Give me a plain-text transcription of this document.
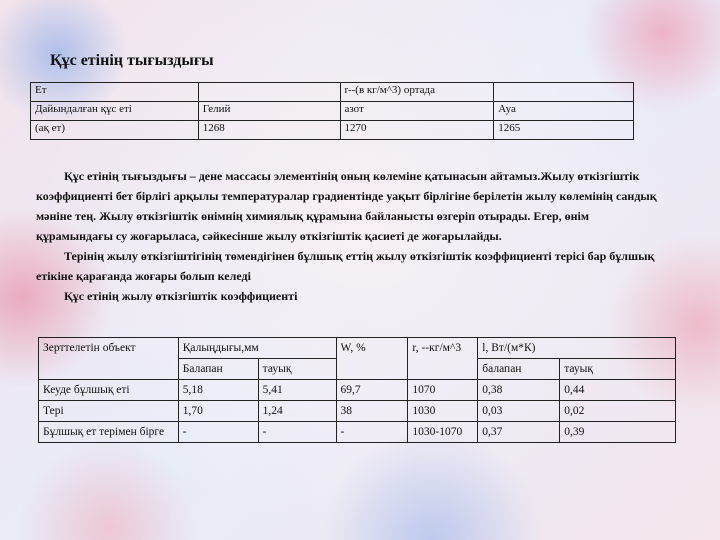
Құс етінің тығыздығы
Ет		r--(в кг/м^3) ортада	
Дайындалған құс еті	Гелий	азот	Ауа
(ақ ет)	1268	1270	1265

Құс етінің тығыздығы – дене массасы элементінің оның көлеміне қатынасын айтамыз.Жылу өткізгіштік коэффициенті бет бірлігі арқылы температуралар градиентінде уақыт бірлігіне берілетін жылу көлемінің сандық мәніне тең. Жылу өткізгіштік өнімнің химиялық құрамына байланысты өзгеріп отырады. Егер, өнім құрамындағы су жоғарыласа, сәйкесінше жылу өткізгіштік қасиеті де жоғарылайды.

Терінің жылу өткізгіштігінің төмендігінен бұлшық еттің жылу өткізгіштік коэффициенті терісі бар бұлшық етікіне қарағанда жоғары болып келеді

Құс етінің жылу өткізгіштік коэффициенті

Зерттелетін объект	Қалыңдығы,мм		W, %	r, --кг/м^3	l, Вт/(м*К)	
	Балапан	тауық			балапан	тауық
Кеуде бұлшық еті	5,18	5,41	69,7	1070	0,38	0,44
Тері	1,70	1,24	38	1030	0,03	0,02
Бұлшық ет терімен бірге	-	-	-	1030-1070	0,37	0,39
